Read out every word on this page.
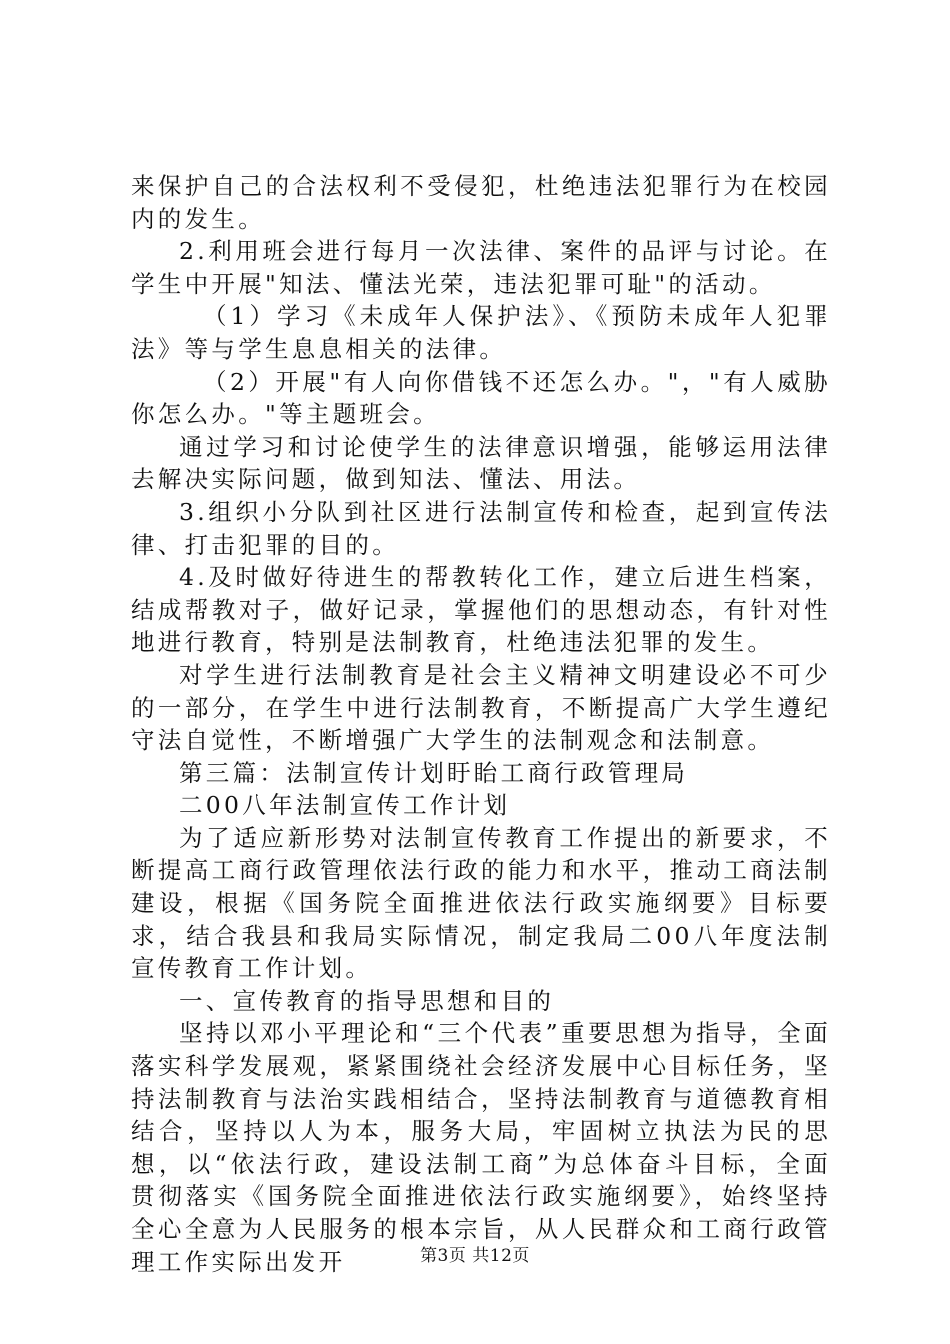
来保护自己的合法权利不受侵犯，杜绝违法犯罪行为在校园内的发生。

2.利用班会进行每月一次法律、案件的品评与讨论。在学生中开展"知法、懂法光荣，违法犯罪可耻"的活动。

（1）学习《未成年人保护法》、《预防未成年人犯罪法》等与学生息息相关的法律。

（2）开展"有人向你借钱不还怎么办。"，"有人威胁你怎么办。"等主题班会。

通过学习和讨论使学生的法律意识增强，能够运用法律去解决实际问题，做到知法、懂法、用法。

3.组织小分队到社区进行法制宣传和检查，起到宣传法律、打击犯罪的目的。

4.及时做好待进生的帮教转化工作，建立后进生档案，结成帮教对子，做好记录，掌握他们的思想动态，有针对性地进行教育，特别是法制教育，杜绝违法犯罪的发生。

对学生进行法制教育是社会主义精神文明建设必不可少的一部分，在学生中进行法制教育，不断提高广大学生遵纪守法自觉性，不断增强广大学生的法制观念和法制意。

第三篇：法制宣传计划盱眙工商行政管理局

二00八年法制宣传工作计划

为了适应新形势对法制宣传教育工作提出的新要求，不断提高工商行政管理依法行政的能力和水平，推动工商法制建设，根据《国务院全面推进依法行政实施纲要》目标要求，结合我县和我局实际情况，制定我局二00八年度法制宣传教育工作计划。

一、宣传教育的指导思想和目的

坚持以邓小平理论和“三个代表”重要思想为指导，全面落实科学发展观，紧紧围绕社会经济发展中心目标任务，坚持法制教育与法治实践相结合，坚持法制教育与道德教育相结合，坚持以人为本，服务大局，牢固树立执法为民的思想，以“依法行政，建设法制工商”为总体奋斗目标，全面贯彻落实《国务院全面推进依法行政实施纲要》，始终坚持全心全意为人民服务的根本宗旨，从人民群众和工商行政管理工作实际出发开	第3页 共12页
